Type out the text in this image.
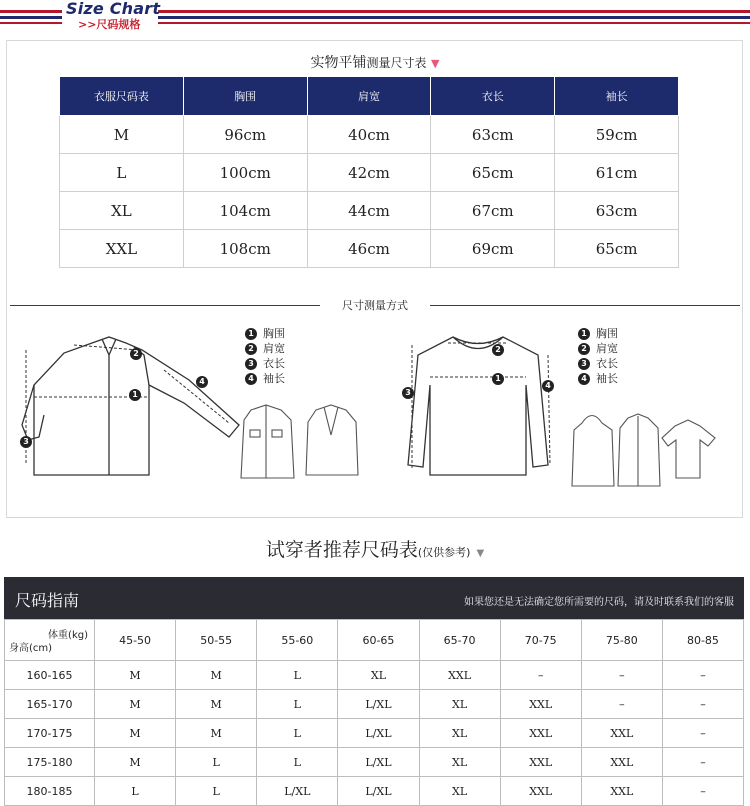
Size Chart
>>尺码规格
实物平铺测量尺寸表 ▼
衣服尺码表	胸围	肩宽	衣长	袖长
M	96cm	40cm	63cm	59cm
L	100cm	42cm	65cm	61cm
XL	104cm	44cm	67cm	63cm
XXL	108cm	46cm	69cm	65cm
尺寸测量方式
1
2
3
4
1 胸围
2 肩宽
3 衣长
4 袖长	1
2
3
4
1 胸围
2 肩宽
3 衣长
4 袖长
试穿者推荐尺码表(仅供参考) ▼
尺码指南	如果您还是无法确定您所需要的尺码，请及时联系我们的客服
体重(kg)
身高(cm)	45-50	50-55	55-60	60-65	65-70	70-75	75-80	80-85
160-165	M	M	L	XL	XXL	–	–	–
165-170	M	M	L	L/XL	XL	XXL	–	–
170-175	M	M	L	L/XL	XL	XXL	XXL	–
175-180	M	L	L	L/XL	XL	XXL	XXL	–
180-185	L	L	L/XL	L/XL	XL	XXL	XXL	–
